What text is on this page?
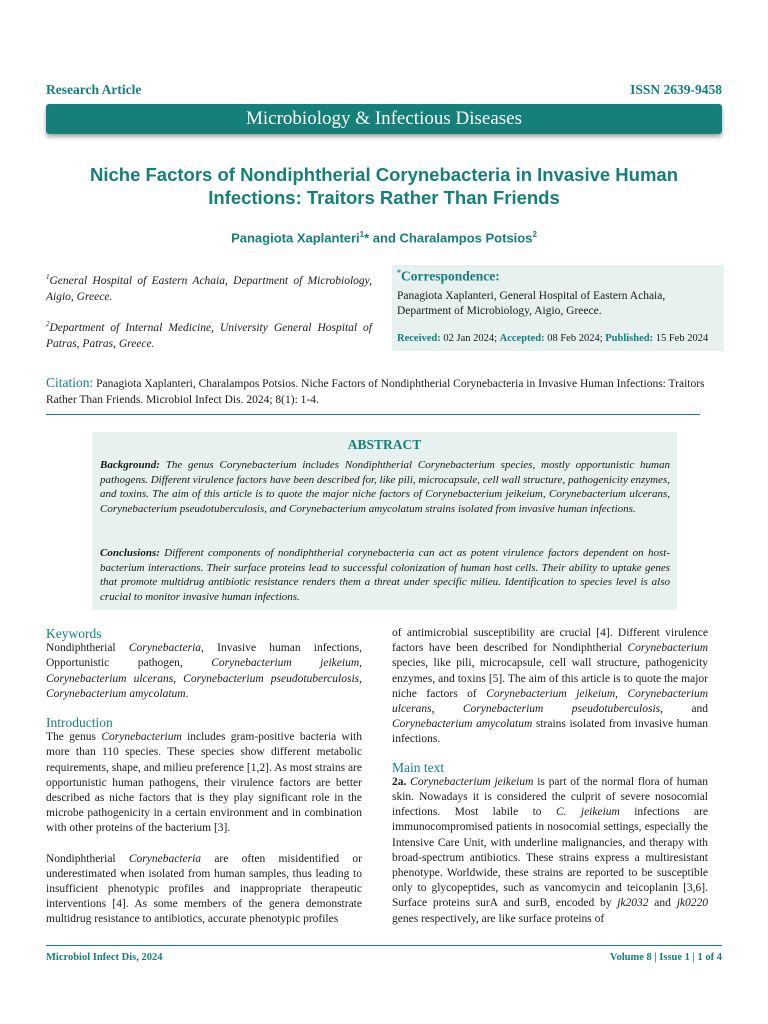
Research Article	ISSN 2639-9458
Microbiology & Infectious Diseases
Niche Factors of Nondiphtherial Corynebacteria in Invasive Human
Infections: Traitors Rather Than Friends
Panagiota Xaplanteri$^1$* and Charalampos Potsios$^2$
$^1$General Hospital of Eastern Achaia, Department of Microbiology, Aigio, Greece.
$^2$Department of Internal Medicine, University General Hospital of Patras, Patras, Greece.
*Correspondence:
Panagiota Xaplanteri, General Hospital of Eastern Achaia, Department of Microbiology, Aigio, Greece.
Received: 02 Jan 2024; Accepted: 08 Feb 2024; Published: 15 Feb 2024
Citation: Panagiota Xaplanteri, Charalampos Potsios. Niche Factors of Nondiphtherial Corynebacteria in Invasive Human Infections: Traitors Rather Than Friends. Microbiol Infect Dis. 2024; 8(1): 1-4.
ABSTRACT

Background: The genus Corynebacterium includes Nondiphtherial Corynebacterium species, mostly opportunistic human pathogens. Different virulence factors have been described for, like pili, microcapsule, cell wall structure, pathogenicity enzymes, and toxins. The aim of this article is to quote the major niche factors of Corynebacterium jeikeium, Corynebacterium ulcerans, Corynebacterium pseudotuberculosis, and Corynebacterium amycolatum strains isolated from invasive human infections.

Conclusions: Different components of nondiphtherial corynebacteria can act as potent virulence factors dependent on host-bacterium interactions. Their surface proteins lead to successful colonization of human host cells. Their ability to uptake genes that promote multidrug antibiotic resistance renders them a threat under specific milieu. Identification to species level is also crucial to monitor invasive human infections.

Keywords

Nondiphtherial Corynebacteria, Invasive human infections, Opportunistic pathogen, Corynebacterium jeikeium, Corynebacterium ulcerans, Corynebacterium pseudotuberculosis, Corynebacterium amycolatum.

Introduction

The genus Corynebacterium includes gram-positive bacteria with more than 110 species. These species show different metabolic requirements, shape, and milieu preference [1,2]. As most strains are opportunistic human pathogens, their virulence factors are better described as niche factors that is they play significant role in the microbe pathogenicity in a certain environment and in combination with other proteins of the bacterium [3].

Nondiphtherial Corynebacteria are often misidentified or underestimated when isolated from human samples, thus leading to insufficient phenotypic profiles and inappropriate therapeutic interventions [4]. As some members of the genera demonstrate multidrug resistance to antibiotics, accurate phenotypic profiles

of antimicrobial susceptibility are crucial [4]. Different virulence factors have been described for Nondiphtherial Corynebacterium species, like pili, microcapsule, cell wall structure, pathogenicity enzymes, and toxins [5]. The aim of this article is to quote the major niche factors of Corynebacterium jeikeium, Corynebacterium ulcerans, Corynebacterium pseudotuberculosis, and Corynebacterium amycolatum strains isolated from invasive human infections.

Main text

2a. Corynebacterium jeikeium is part of the normal flora of human skin. Nowadays it is considered the culprit of severe nosocomial infections. Most labile to C. jeikeium infections are immunocompromised patients in nosocomial settings, especially the Intensive Care Unit, with underline malignancies, and therapy with broad-spectrum antibiotics. These strains express a multiresistant phenotype. Worldwide, these strains are reported to be susceptible only to glycopeptides, such as vancomycin and teicoplanin [3,6]. Surface proteins surA and surB, encoded by jk2032 and jk0220 genes respectively, are like surface proteins of

Microbiol Infect Dis, 2024	Volume 8 | Issue 1 | 1 of 4
